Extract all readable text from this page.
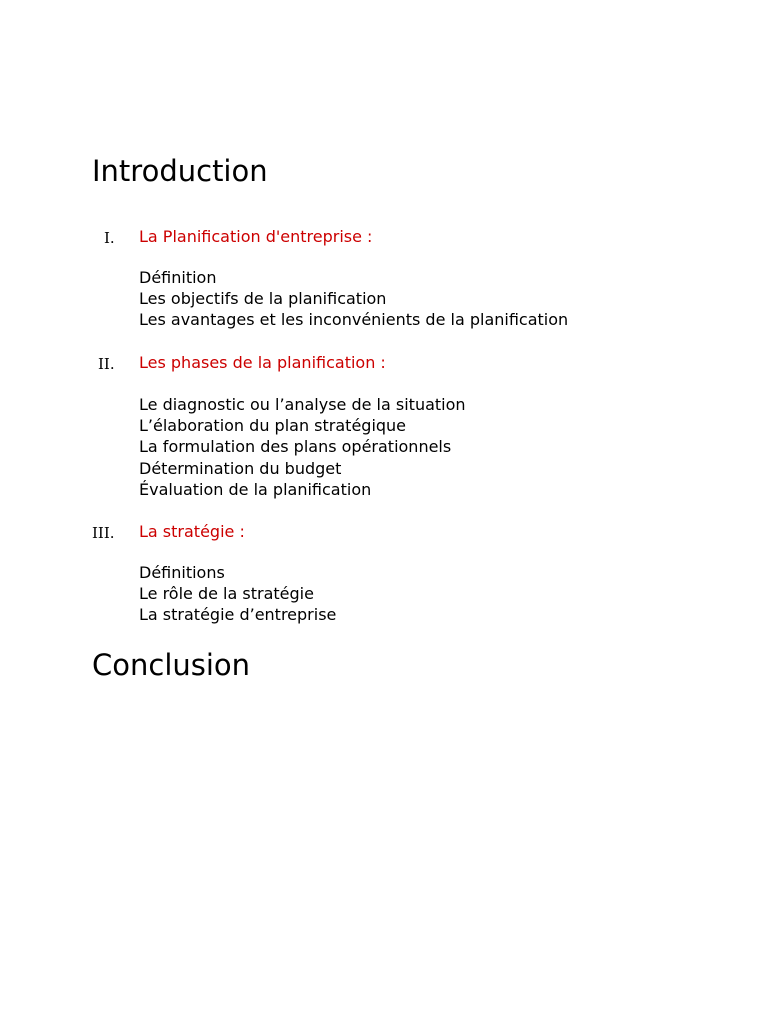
Introduction
I. La Planification d'entreprise :
Définition
Les objectifs de la planification
Les avantages et les inconvénients de la planification
II. Les phases de la planification :
Le diagnostic ou l’analyse de la situation
L’élaboration du plan stratégique
La formulation des plans opérationnels
Détermination du budget
Évaluation de la planification
III. La stratégie :
Définitions
Le rôle de la stratégie
La stratégie d’entreprise
Conclusion
